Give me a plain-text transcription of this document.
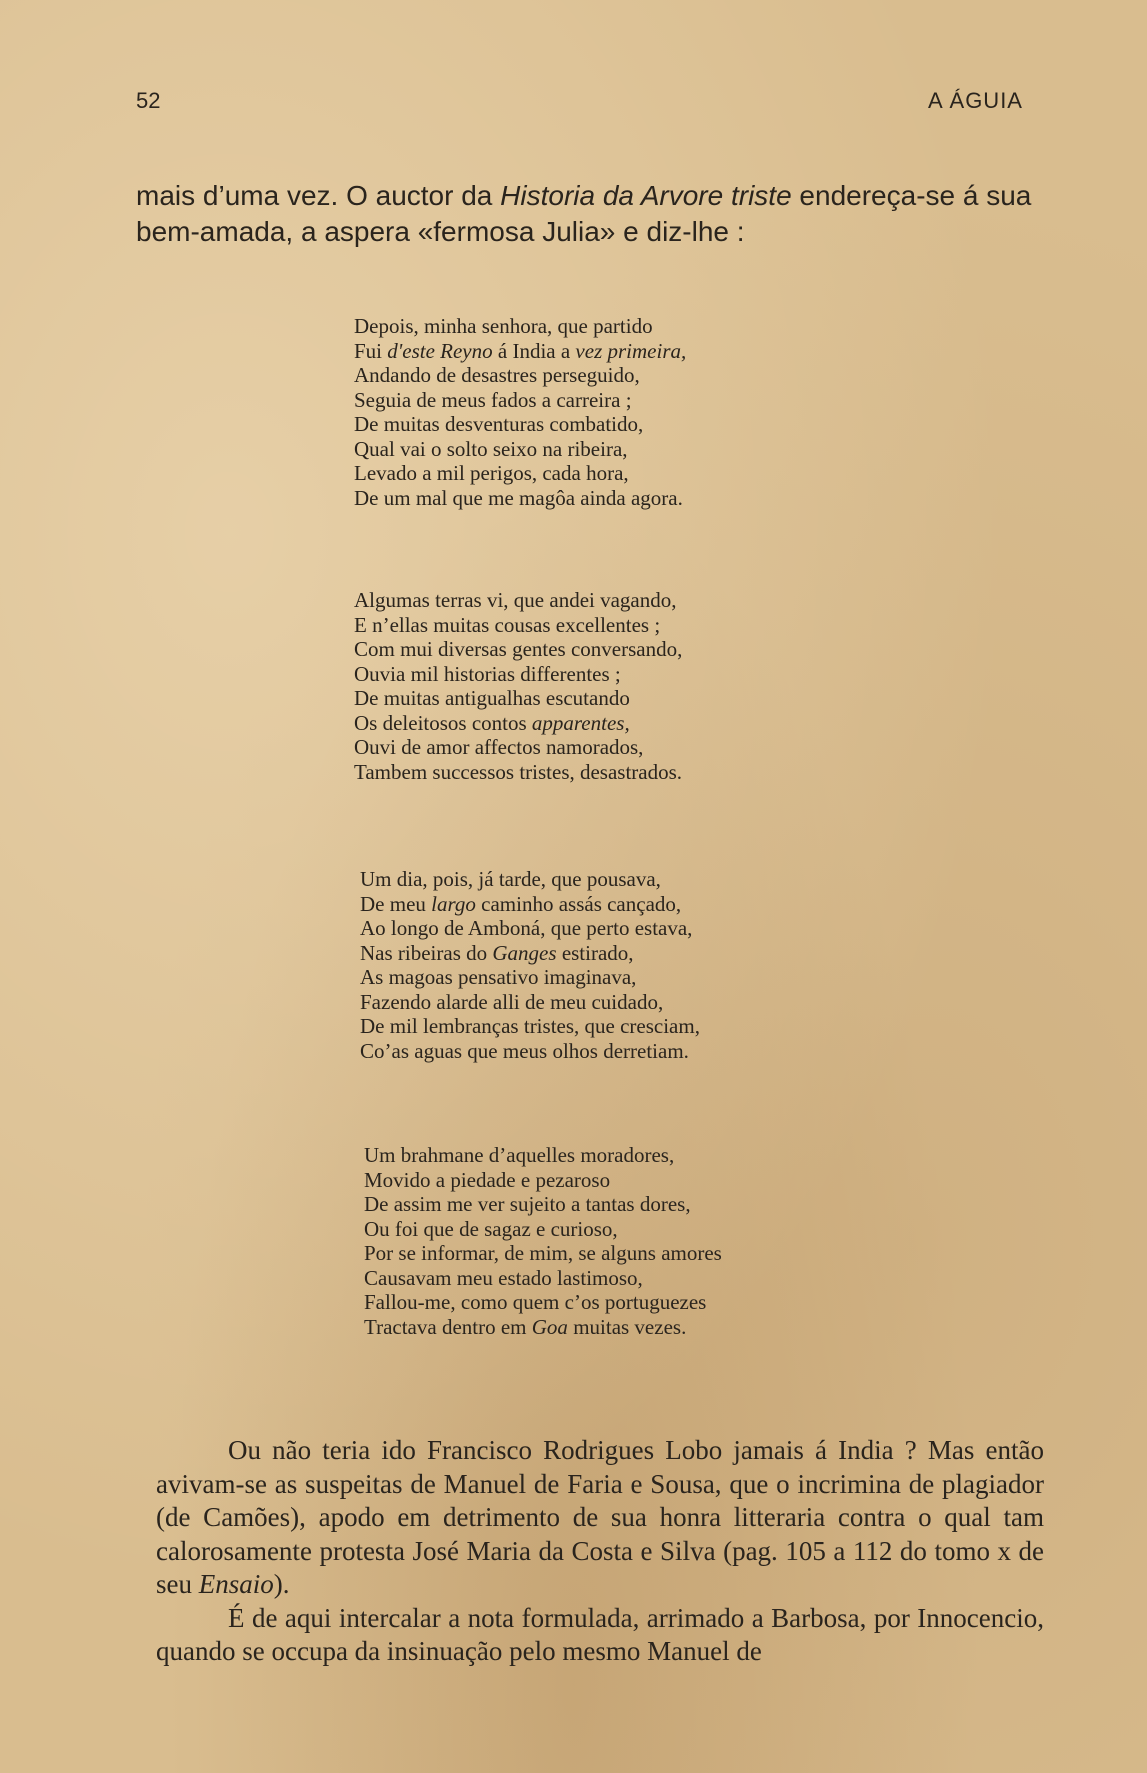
52	A ÁGUIA

mais d’uma vez. O auctor da Historia da Arvore triste endereça-se á sua bem-amada, a aspera «fermosa Julia» e diz-lhe :

Depois, minha senhora, que partido
Fui d'este Reyno á India a vez primeira,
Andando de desastres perseguido,
Seguia de meus fados a carreira ;
De muitas desventuras combatido,
Qual vai o solto seixo na ribeira,
Levado a mil perigos, cada hora,
De um mal que me magôa ainda agora.
Algumas terras vi, que andei vagando,
E n’ellas muitas cousas excellentes ;
Com mui diversas gentes conversando,
Ouvia mil historias differentes ;
De muitas antigualhas escutando
Os deleitosos contos apparentes,
Ouvi de amor affectos namorados,
Tambem successos tristes, desastrados.
Um dia, pois, já tarde, que pousava,
De meu largo caminho assás cançado,
Ao longo de Amboná, que perto estava,
Nas ribeiras do Ganges estirado,
As magoas pensativo imaginava,
Fazendo alarde alli de meu cuidado,
De mil lembranças tristes, que cresciam,
Co’as aguas que meus olhos derretiam.
Um brahmane d’aquelles moradores,
Movido a piedade e pezaroso
De assim me ver sujeito a tantas dores,
Ou foi que de sagaz e curioso,
Por se informar, de mim, se alguns amores
Causavam meu estado lastimoso,
Fallou-me, como quem c’os portuguezes
Tractava dentro em Goa muitas vezes.

Ou não teria ido Francisco Rodrigues Lobo jamais á India ? Mas então avivam-se as suspeitas de Manuel de Faria e Sousa, que o incrimina de plagiador (de Camões), apodo em detrimento de sua honra litteraria contra o qual tam calorosamente protesta José Maria da Costa e Silva (pag. 105 a 112 do tomo x de seu Ensaio).

É de aqui intercalar a nota formulada, arrimado a Barbosa, por Innocencio, quando se occupa da insinuação pelo mesmo Manuel de
